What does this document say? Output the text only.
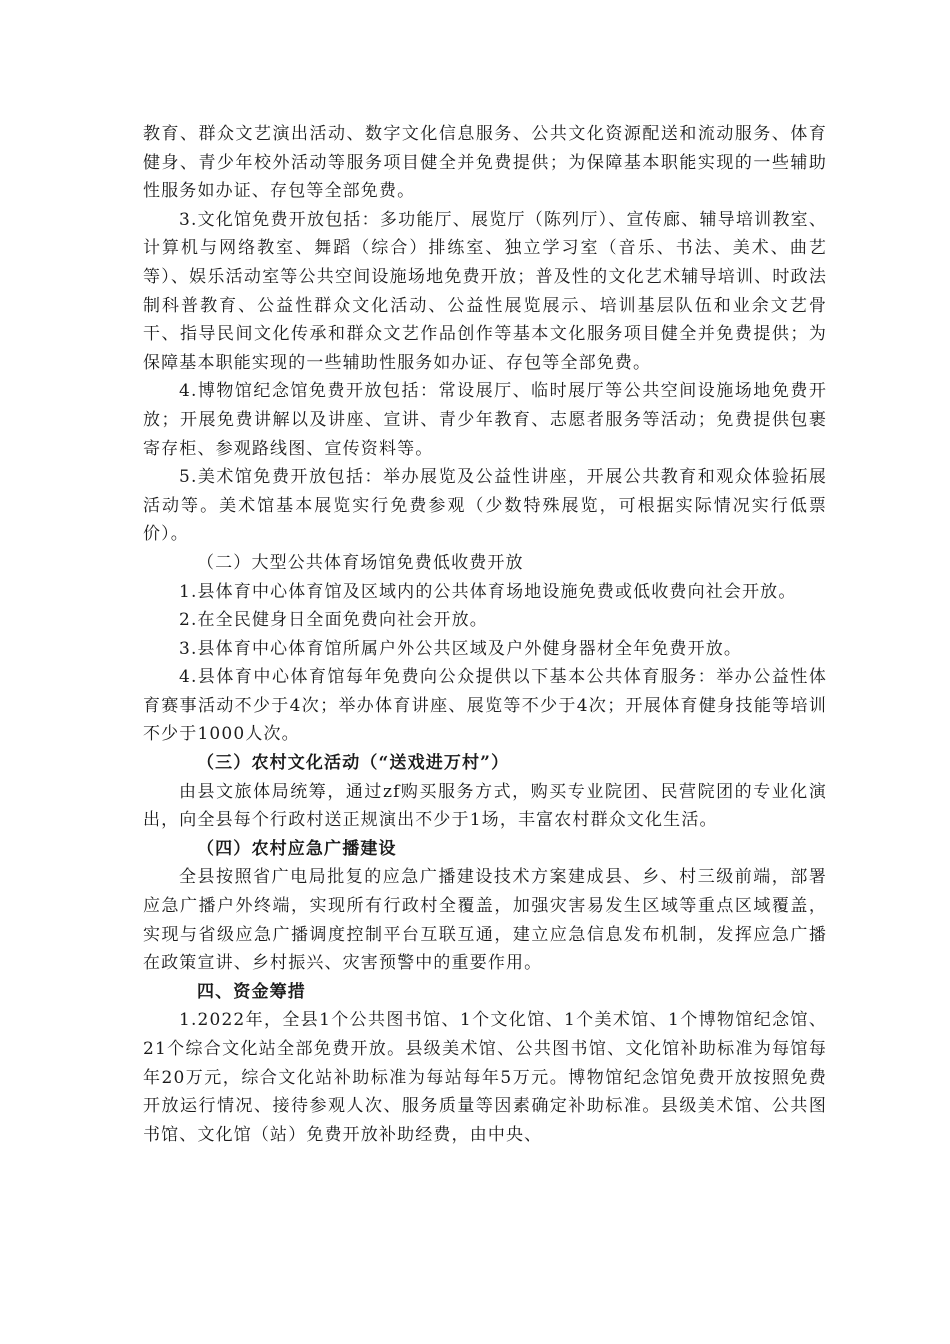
教育、群众文艺演出活动、数字文化信息服务、公共文化资源配送和流动服务、体育健身、青少年校外活动等服务项目健全并免费提供；为保障基本职能实现的一些辅助性服务如办证、存包等全部免费。

3.文化馆免费开放包括：多功能厅、展览厅（陈列厅）、宣传廊、辅导培训教室、计算机与网络教室、舞蹈（综合）排练室、独立学习室（音乐、书法、美术、曲艺等）、娱乐活动室等公共空间设施场地免费开放；普及性的文化艺术辅导培训、时政法制科普教育、公益性群众文化活动、公益性展览展示、培训基层队伍和业余文艺骨干、指导民间文化传承和群众文艺作品创作等基本文化服务项目健全并免费提供；为保障基本职能实现的一些辅助性服务如办证、存包等全部免费。

4.博物馆纪念馆免费开放包括：常设展厅、临时展厅等公共空间设施场地免费开放；开展免费讲解以及讲座、宣讲、青少年教育、志愿者服务等活动；免费提供包裹寄存柜、参观路线图、宣传资料等。

5.美术馆免费开放包括：举办展览及公益性讲座，开展公共教育和观众体验拓展活动等。美术馆基本展览实行免费参观（少数特殊展览，可根据实际情况实行低票价）。

（二）大型公共体育场馆免费低收费开放

1.县体育中心体育馆及区域内的公共体育场地设施免费或低收费向社会开放。

2.在全民健身日全面免费向社会开放。

3.县体育中心体育馆所属户外公共区域及户外健身器材全年免费开放。

4.县体育中心体育馆每年免费向公众提供以下基本公共体育服务：举办公益性体育赛事活动不少于4次；举办体育讲座、展览等不少于4次；开展体育健身技能等培训不少于1000人次。

（三）农村文化活动（“送戏进万村”）

由县文旅体局统筹，通过zf购买服务方式，购买专业院团、民营院团的专业化演出，向全县每个行政村送正规演出不少于1场，丰富农村群众文化生活。

（四）农村应急广播建设

全县按照省广电局批复的应急广播建设技术方案建成县、乡、村三级前端，部署应急广播户外终端，实现所有行政村全覆盖，加强灾害易发生区域等重点区域覆盖，实现与省级应急广播调度控制平台互联互通，建立应急信息发布机制，发挥应急广播在政策宣讲、乡村振兴、灾害预警中的重要作用。

四、资金筹措

1.2022年，全县1个公共图书馆、1个文化馆、1个美术馆、1个博物馆纪念馆、21个综合文化站全部免费开放。县级美术馆、公共图书馆、文化馆补助标准为每馆每年20万元，综合文化站补助标准为每站每年5万元。博物馆纪念馆免费开放按照免费开放运行情况、接待参观人次、服务质量等因素确定补助标准。县级美术馆、公共图书馆、文化馆（站）免费开放补助经费，由中央、
